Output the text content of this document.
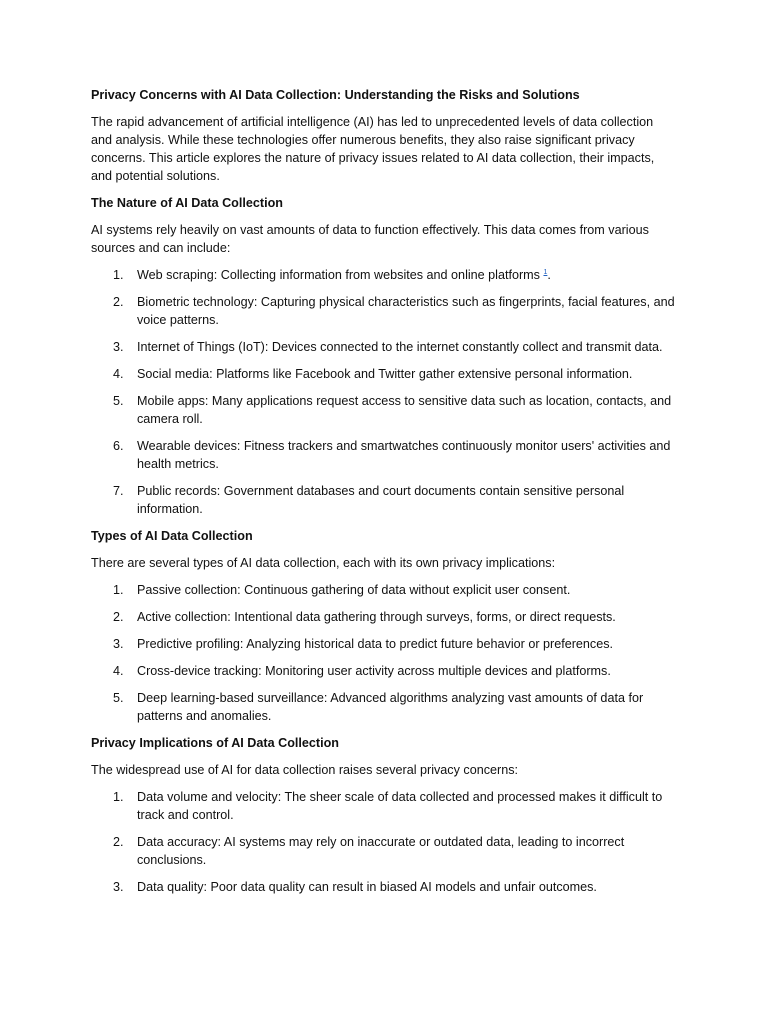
Privacy Concerns with AI Data Collection: Understanding the Risks and Solutions

The rapid advancement of artificial intelligence (AI) has led to unprecedented levels of data collection and analysis. While these technologies offer numerous benefits, they also raise significant privacy concerns. This article explores the nature of privacy issues related to AI data collection, their impacts, and potential solutions.

The Nature of AI Data Collection

AI systems rely heavily on vast amounts of data to function effectively. This data comes from various sources and can include:

1. Web scraping: Collecting information from websites and online platforms $^1$.
2. Biometric technology: Capturing physical characteristics such as fingerprints, facial features, and voice patterns.
3. Internet of Things (IoT): Devices connected to the internet constantly collect and transmit data.
4. Social media: Platforms like Facebook and Twitter gather extensive personal information.
5. Mobile apps: Many applications request access to sensitive data such as location, contacts, and camera roll.
6. Wearable devices: Fitness trackers and smartwatches continuously monitor users' activities and health metrics.
7. Public records: Government databases and court documents contain sensitive personal information.
Types of AI Data Collection

There are several types of AI data collection, each with its own privacy implications:

1. Passive collection: Continuous gathering of data without explicit user consent.
2. Active collection: Intentional data gathering through surveys, forms, or direct requests.
3. Predictive profiling: Analyzing historical data to predict future behavior or preferences.
4. Cross-device tracking: Monitoring user activity across multiple devices and platforms.
5. Deep learning-based surveillance: Advanced algorithms analyzing vast amounts of data for patterns and anomalies.
Privacy Implications of AI Data Collection

The widespread use of AI for data collection raises several privacy concerns:

1. Data volume and velocity: The sheer scale of data collected and processed makes it difficult to track and control.
2. Data accuracy: AI systems may rely on inaccurate or outdated data, leading to incorrect conclusions.
3. Data quality: Poor data quality can result in biased AI models and unfair outcomes.
